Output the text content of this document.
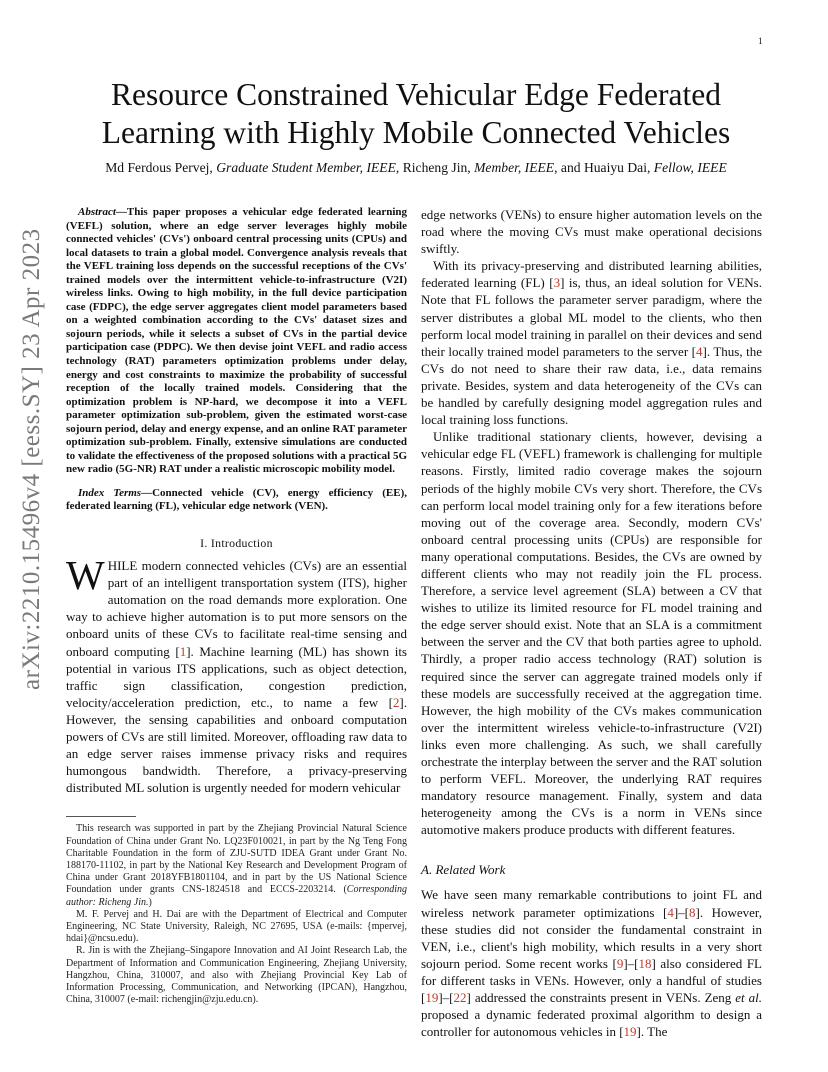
1
arXiv:2210.15496v4 [eess.SY] 23 Apr 2023
Resource Constrained Vehicular Edge Federated Learning with Highly Mobile Connected Vehicles
Md Ferdous Pervej, Graduate Student Member, IEEE, Richeng Jin, Member, IEEE, and Huaiyu Dai, Fellow, IEEE

Abstract—This paper proposes a vehicular edge federated learning (VEFL) solution, where an edge server leverages highly mobile connected vehicles' (CVs') onboard central processing units (CPUs) and local datasets to train a global model. Convergence analysis reveals that the VEFL training loss depends on the successful receptions of the CVs' trained models over the intermittent vehicle-to-infrastructure (V2I) wireless links. Owing to high mobility, in the full device participation case (FDPC), the edge server aggregates client model parameters based on a weighted combination according to the CVs' dataset sizes and sojourn periods, while it selects a subset of CVs in the partial device participation case (PDPC). We then devise joint VEFL and radio access technology (RAT) parameters optimization problems under delay, energy and cost constraints to maximize the probability of successful reception of the locally trained models. Considering that the optimization problem is NP-hard, we decompose it into a VEFL parameter optimization sub-problem, given the estimated worst-case sojourn period, delay and energy expense, and an online RAT parameter optimization sub-problem. Finally, extensive simulations are conducted to validate the effectiveness of the proposed solutions with a practical 5G new radio (5G-NR) RAT under a realistic microscopic mobility model.

Index Terms—Connected vehicle (CV), energy efficiency (EE), federated learning (FL), vehicular edge network (VEN).

I. Introduction

WHILE modern connected vehicles (CVs) are an essential part of an intelligent transportation system (ITS), higher automation on the road demands more exploration. One way to achieve higher automation is to put more sensors on the onboard units of these CVs to facilitate real-time sensing and onboard computing [1]. Machine learning (ML) has shown its potential in various ITS applications, such as object detection, traffic sign classification, congestion prediction, velocity/acceleration prediction, etc., to name a few [2]. However, the sensing capabilities and onboard computation powers of CVs are still limited. Moreover, offloading raw data to an edge server raises immense privacy risks and requires humongous bandwidth. Therefore, a privacy-preserving distributed ML solution is urgently needed for modern vehicular

This research was supported in part by the Zhejiang Provincial Natural Science Foundation of China under Grant No. LQ23F010021, in part by the Ng Teng Fong Charitable Foundation in the form of ZJU-SUTD IDEA Grant under Grant No. 188170-11102, in part by the National Key Research and Development Program of China under Grant 2018YFB1801104, and in part by the US National Science Foundation under grants CNS-1824518 and ECCS-2203214. (Corresponding author: Richeng Jin.)

M. F. Pervej and H. Dai are with the Department of Electrical and Computer Engineering, NC State University, Raleigh, NC 27695, USA (e-mails: {mpervej, hdai}@ncsu.edu).

R. Jin is with the Zhejiang–Singapore Innovation and AI Joint Research Lab, the Department of Information and Communication Engineering, Zhejiang University, Hangzhou, China, 310007, and also with Zhejiang Provincial Key Lab of Information Processing, Communication, and Networking (IPCAN), Hangzhou, China, 310007 (e-mail: richengjin@zju.edu.cn).

edge networks (VENs) to ensure higher automation levels on the road where the moving CVs must make operational decisions swiftly.

With its privacy-preserving and distributed learning abilities, federated learning (FL) [3] is, thus, an ideal solution for VENs. Note that FL follows the parameter server paradigm, where the server distributes a global ML model to the clients, who then perform local model training in parallel on their devices and send their locally trained model parameters to the server [4]. Thus, the CVs do not need to share their raw data, i.e., data remains private. Besides, system and data heterogeneity of the CVs can be handled by carefully designing model aggregation rules and local training loss functions.

Unlike traditional stationary clients, however, devising a vehicular edge FL (VEFL) framework is challenging for multiple reasons. Firstly, limited radio coverage makes the sojourn periods of the highly mobile CVs very short. Therefore, the CVs can perform local model training only for a few iterations before moving out of the coverage area. Secondly, modern CVs' onboard central processing units (CPUs) are responsible for many operational computations. Besides, the CVs are owned by different clients who may not readily join the FL process. Therefore, a service level agreement (SLA) between a CV that wishes to utilize its limited resource for FL model training and the edge server should exist. Note that an SLA is a commitment between the server and the CV that both parties agree to uphold. Thirdly, a proper radio access technology (RAT) solution is required since the server can aggregate trained models only if these models are successfully received at the aggregation time. However, the high mobility of the CVs makes communication over the intermittent wireless vehicle-to-infrastructure (V2I) links even more challenging. As such, we shall carefully orchestrate the interplay between the server and the RAT solution to perform VEFL. Moreover, the underlying RAT requires mandatory resource management. Finally, system and data heterogeneity among the CVs is a norm in VENs since automotive makers produce products with different features.

A. Related Work

We have seen many remarkable contributions to joint FL and wireless network parameter optimizations [4]–[8]. However, these studies did not consider the fundamental constraint in VEN, i.e., client's high mobility, which results in a very short sojourn period. Some recent works [9]–[18] also considered FL for different tasks in VENs. However, only a handful of studies [19]–[22] addressed the constraints present in VENs. Zeng et al. proposed a dynamic federated proximal algorithm to design a controller for autonomous vehicles in [19]. The
